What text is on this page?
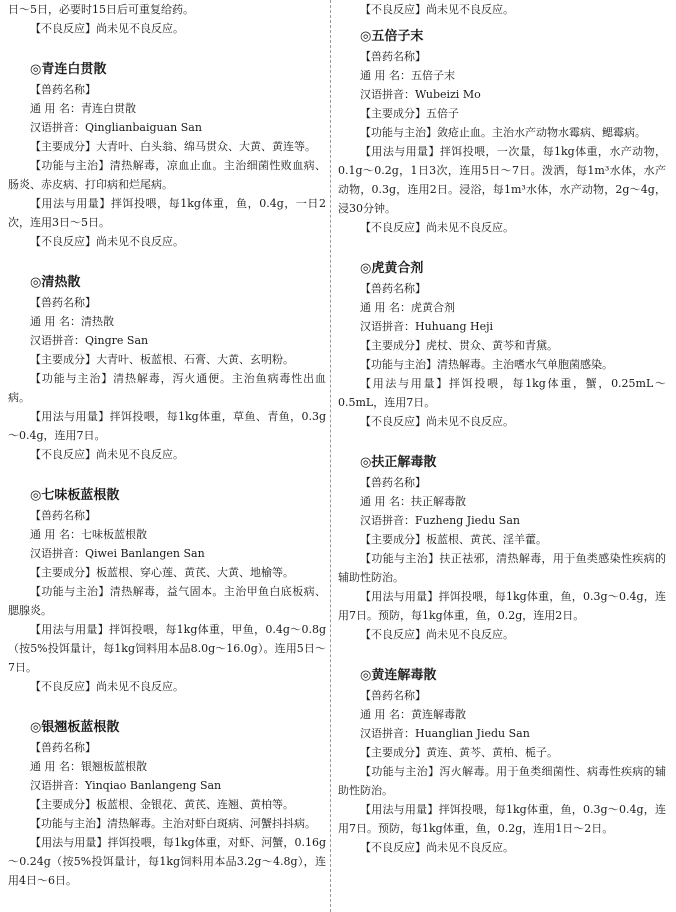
日～5日，必要时15日后可重复给药。

【不良反应】尚未见不良反应。

◎青连白贯散

【兽药名称】

通 用 名：青连白贯散

汉语拼音：Qinglianbaiguan San

【主要成分】大青叶、白头翁、绵马贯众、大黄、黄连等。

【功能与主治】清热解毒，凉血止血。主治细菌性败血病、肠炎、赤皮病、打印病和烂尾病。

【用法与用量】拌饵投喂，每1kg体重，鱼，0.4g，一日2次，连用3日～5日。

【不良反应】尚未见不良反应。

◎清热散

【兽药名称】

通 用 名：清热散

汉语拼音：Qingre San

【主要成分】大青叶、板蓝根、石膏、大黄、玄明粉。

【功能与主治】清热解毒，泻火通便。主治鱼病毒性出血病。

【用法与用量】拌饵投喂，每1kg体重，草鱼、青鱼，0.3g～0.4g，连用7日。

【不良反应】尚未见不良反应。

◎七味板蓝根散

【兽药名称】

通 用 名：七味板蓝根散

汉语拼音：Qiwei Banlangen San

【主要成分】板蓝根、穿心莲、黄芪、大黄、地榆等。

【功能与主治】清热解毒，益气固本。主治甲鱼白底板病、腮腺炎。

【用法与用量】拌饵投喂，每1kg体重，甲鱼，0.4g～0.8g（按5%投饵量计，每1kg饲料用本品8.0g～16.0g）。连用5日～7日。

【不良反应】尚未见不良反应。

◎银翘板蓝根散

【兽药名称】

通 用 名：银翘板蓝根散

汉语拼音：Yinqiao Banlangeng San

【主要成分】板蓝根、金银花、黄芪、连翘、黄柏等。

【功能与主治】清热解毒。主治对虾白斑病、河蟹抖抖病。

【用法与用量】拌饵投喂，每1kg体重，对虾、河蟹，0.16g～0.24g（按5%投饵量计，每1kg饲料用本品3.2g～4.8g），连用4日～6日。

【不良反应】尚未见不良反应。

◎五倍子末

【兽药名称】

通 用 名：五倍子末

汉语拼音：Wubeizi Mo

【主要成分】五倍子

【功能与主治】敛疮止血。主治水产动物水霉病、鳃霉病。

【用法与用量】拌饵投喂，一次量，每1kg体重，水产动物，0.1g～0.2g，1日3次，连用5日～7日。泼洒，每1m³水体，水产动物，0.3g，连用2日。浸浴，每1m³水体，水产动物，2g～4g，浸30分钟。

【不良反应】尚未见不良反应。

◎虎黄合剂

【兽药名称】

通 用 名：虎黄合剂

汉语拼音：Huhuang Heji

【主要成分】虎杖、贯众、黄芩和青黛。

【功能与主治】清热解毒。主治嗜水气单胞菌感染。

【用法与用量】拌饵投喂，每1kg体重，蟹，0.25mL～0.5mL，连用7日。

【不良反应】尚未见不良反应。

◎扶正解毒散

【兽药名称】

通 用 名：扶正解毒散

汉语拼音：Fuzheng Jiedu San

【主要成分】板蓝根、黄芪、淫羊藿。

【功能与主治】扶正祛邪，清热解毒，用于鱼类感染性疾病的辅助性防治。

【用法与用量】拌饵投喂，每1kg体重，鱼，0.3g～0.4g，连用7日。预防，每1kg体重，鱼，0.2g，连用2日。

【不良反应】尚未见不良反应。

◎黄连解毒散

【兽药名称】

通 用 名：黄连解毒散

汉语拼音：Huanglian Jiedu San

【主要成分】黄连、黄芩、黄柏、栀子。

【功能与主治】泻火解毒。用于鱼类细菌性、病毒性疾病的辅助性防治。

【用法与用量】拌饵投喂，每1kg体重，鱼，0.3g～0.4g，连用7日。预防，每1kg体重，鱼，0.2g，连用1日～2日。

【不良反应】尚未见不良反应。
